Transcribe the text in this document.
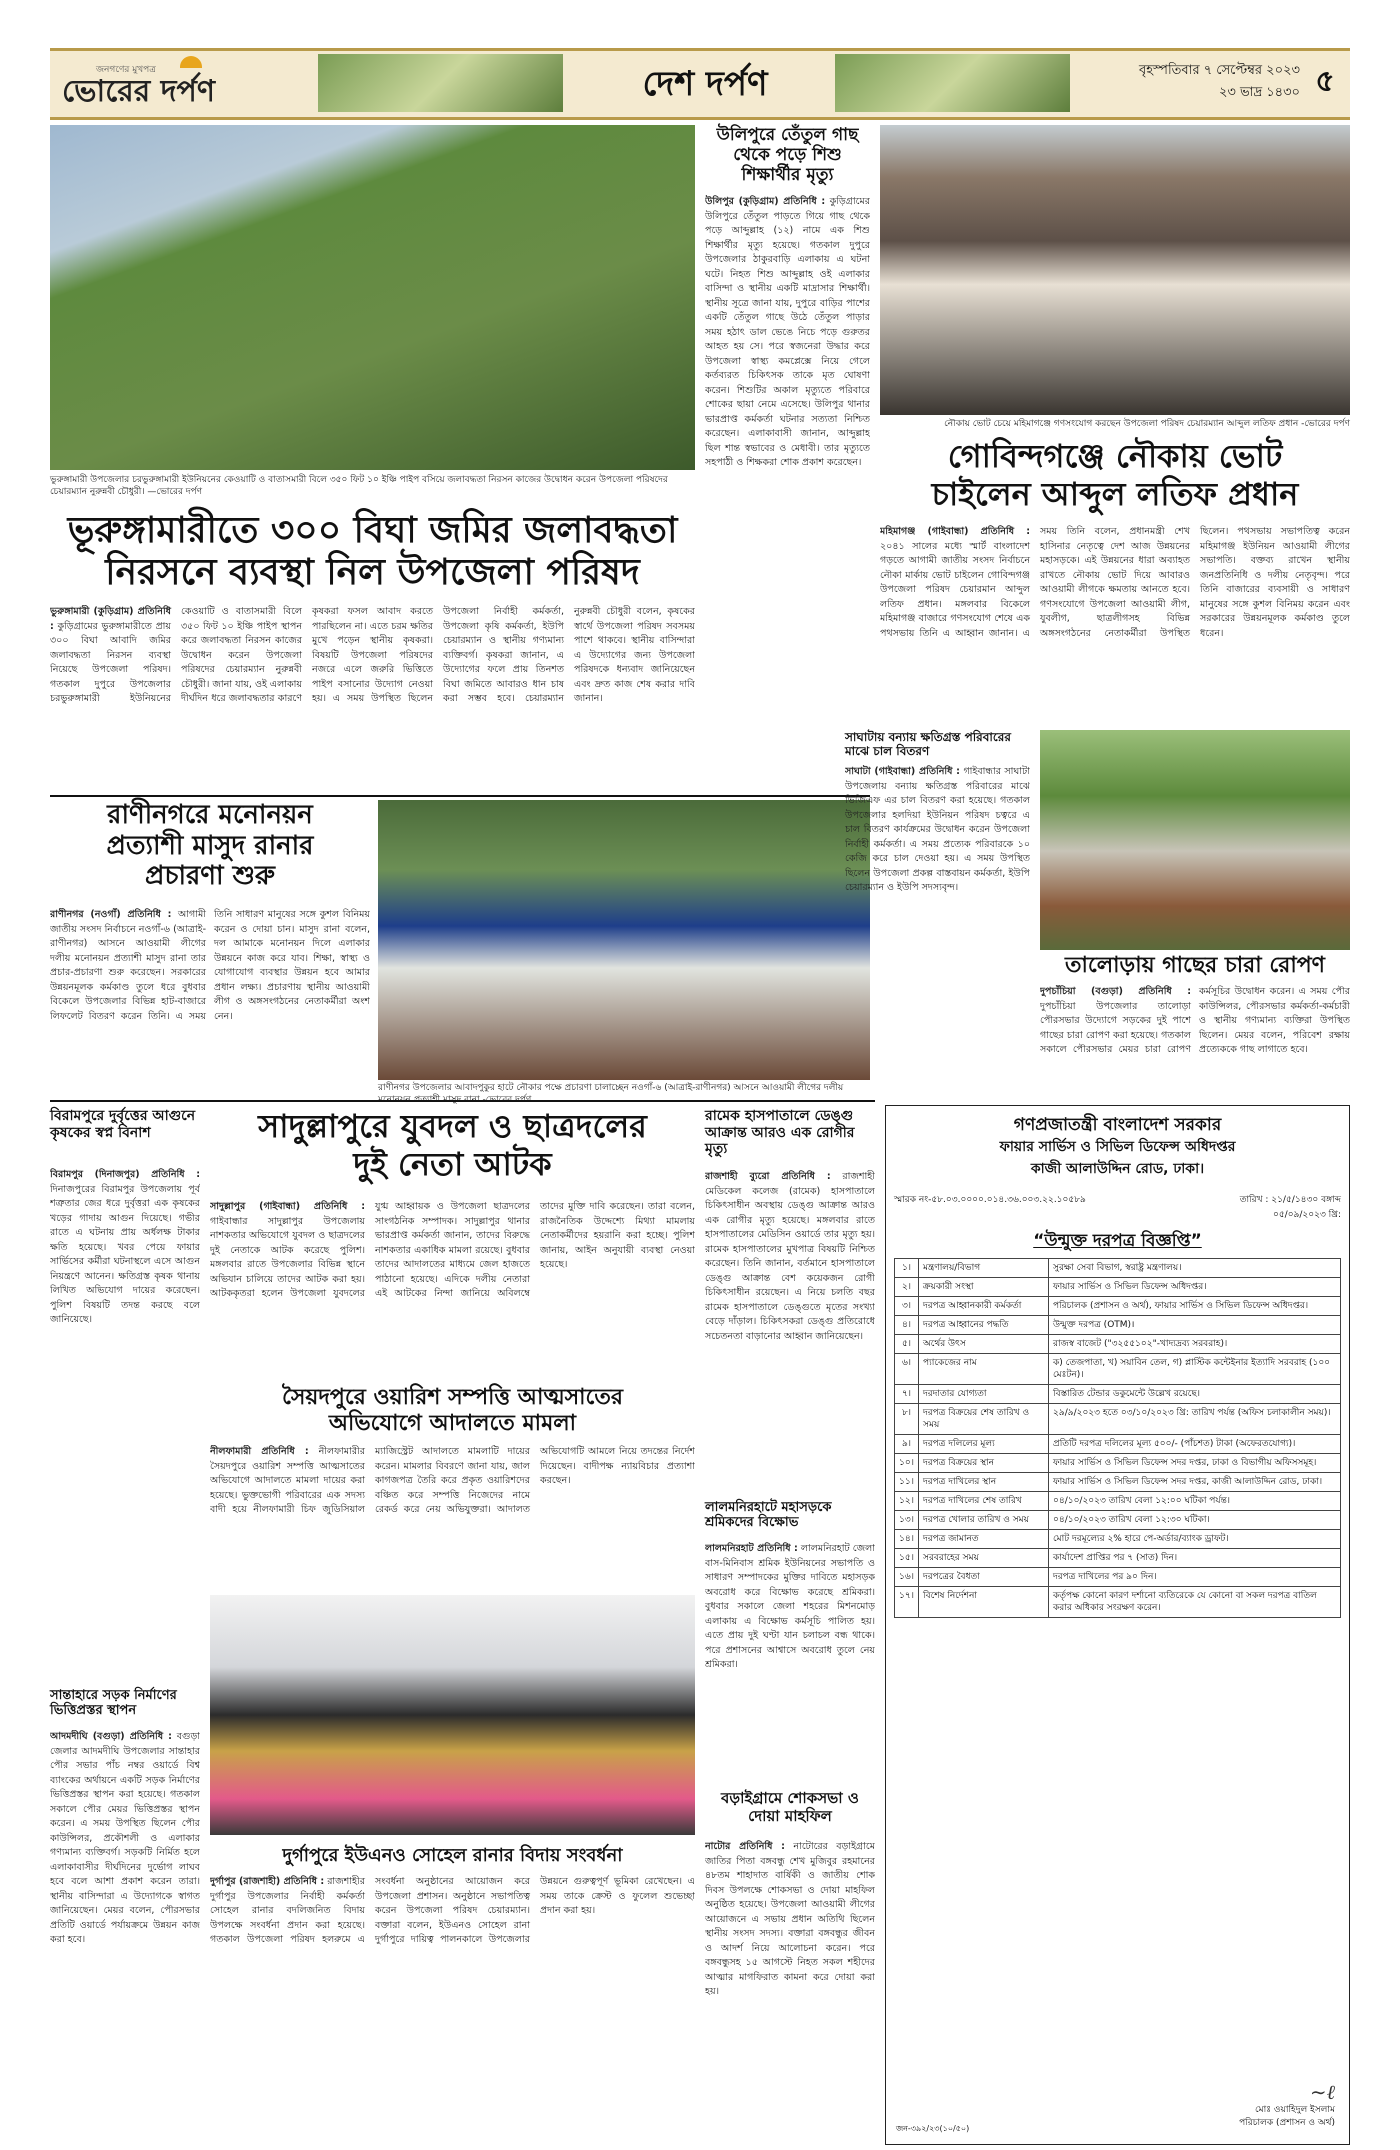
জনগণের মুখপত্র
ভোরের দর্পণ	দেশ দর্পণ	বৃহস্পতিবার ৭ সেপ্টেম্বর ২০২৩
২৩ ভাদ্র ১৪৩০ ৫
ভুরুঙ্গামারী উপজেলার চরভুরুঙ্গামারী ইউনিয়নের কেওয়াটি ও বাতাসমারী বিলে ৩৫০ ফিট ১০ ইঞ্চি পাইপ বসিয়ে জলাবদ্ধতা নিরসন কাজের উদ্বোধন করেন উপজেলা পরিষদের চেয়ারম্যান নুরুন্নবী চৌধুরী। —ভোরের দর্পণ
ভূরুঙ্গামারীতে ৩০০ বিঘা জমির জলাবদ্ধতা
নিরসনে ব্যবস্থা নিল উপজেলা পরিষদ
ভুরুঙ্গামারী (কুড়িগ্রাম) প্রতিনিধি : কুড়িগ্রামের ভুরুঙ্গামারীতে প্রায় ৩০০ বিঘা আবাদি জমির জলাবদ্ধতা নিরসন ব্যবস্থা নিয়েছে উপজেলা পরিষদ। গতকাল দুপুরে উপজেলার চরভুরুঙ্গামারী ইউনিয়নের কেওয়াটি ও বাতাসমারী বিলে ৩৫০ ফিট ১০ ইঞ্চি পাইপ স্থাপন করে জলাবদ্ধতা নিরসন কাজের উদ্বোধন করেন উপজেলা পরিষদের চেয়ারম্যান নুরুন্নবী চৌধুরী। জানা যায়, ওই এলাকায় দীর্ঘদিন ধরে জলাবদ্ধতার কারণে কৃষকরা ফসল আবাদ করতে পারছিলেন না। এতে চরম ক্ষতির মুখে পড়েন স্থানীয় কৃষকরা। বিষয়টি উপজেলা পরিষদের নজরে এলে জরুরি ভিত্তিতে পাইপ বসানোর উদ্যোগ নেওয়া হয়। এ সময় উপস্থিত ছিলেন উপজেলা নির্বাহী কর্মকর্তা, উপজেলা কৃষি কর্মকর্তা, ইউপি চেয়ারম্যান ও স্থানীয় গণ্যমান্য ব্যক্তিবর্গ। কৃষকরা জানান, এ উদ্যোগের ফলে প্রায় তিনশত বিঘা জমিতে আবারও ধান চাষ করা সম্ভব হবে। চেয়ারম্যান নুরুন্নবী চৌধুরী বলেন, কৃষকের স্বার্থে উপজেলা পরিষদ সবসময় পাশে থাকবে। স্থানীয় বাসিন্দারা এ উদ্যোগের জন্য উপজেলা পরিষদকে ধন্যবাদ জানিয়েছেন এবং দ্রুত কাজ শেষ করার দাবি জানান।
উলিপুরে তেঁতুল গাছ থেকে পড়ে শিশু শিক্ষার্থীর মৃত্যু
উলিপুর (কুড়িগ্রাম) প্রতিনিধি : কুড়িগ্রামের উলিপুরে তেঁতুল পাড়তে গিয়ে গাছ থেকে পড়ে আব্দুল্লাহ (১২) নামে এক শিশু শিক্ষার্থীর মৃত্যু হয়েছে। গতকাল দুপুরে উপজেলার ঠাকুরবাড়ি এলাকায় এ ঘটনা ঘটে। নিহত শিশু আব্দুল্লাহ ওই এলাকার বাসিন্দা ও স্থানীয় একটি মাদ্রাসার শিক্ষার্থী। স্থানীয় সূত্রে জানা যায়, দুপুরে বাড়ির পাশের একটি তেঁতুল গাছে উঠে তেঁতুল পাড়ার সময় হঠাৎ ডাল ভেঙে নিচে পড়ে গুরুতর আহত হয় সে। পরে স্বজনেরা উদ্ধার করে উপজেলা স্বাস্থ্য কমপ্লেক্সে নিয়ে গেলে কর্তব্যরত চিকিৎসক তাকে মৃত ঘোষণা করেন। শিশুটির অকাল মৃত্যুতে পরিবারে শোকের ছায়া নেমে এসেছে। উলিপুর থানার ভারপ্রাপ্ত কর্মকর্তা ঘটনার সত্যতা নিশ্চিত করেছেন। এলাকাবাসী জানান, আব্দুল্লাহ ছিল শান্ত স্বভাবের ও মেধাবী। তার মৃত্যুতে সহপাঠী ও শিক্ষকরা শোক প্রকাশ করেছেন।
নৌকায় ভোট চেয়ে মহিমাগঞ্জে গণসংযোগ করছেন উপজেলা পরিষদ চেয়ারম্যান আব্দুল লতিফ প্রধান -ভোরের দর্পণ
গোবিন্দগঞ্জে নৌকায় ভোট
চাইলেন আব্দুল লতিফ প্রধান
মহিমাগঞ্জ (গাইবান্ধা) প্রতিনিধি : ২০৪১ সালের মধ্যে স্মার্ট বাংলাদেশ গড়তে আগামী জাতীয় সংসদ নির্বাচনে নৌকা মার্কায় ভোট চাইলেন গোবিন্দগঞ্জ উপজেলা পরিষদ চেয়ারমান আব্দুল লতিফ প্রধান। মঙ্গলবার বিকেলে মহিমাগঞ্জ বাজারে গণসংযোগ শেষে এক পথসভায় তিনি এ আহ্বান জানান। এ সময় তিনি বলেন, প্রধানমন্ত্রী শেখ হাসিনার নেতৃত্বে দেশ আজ উন্নয়নের মহাসড়কে। এই উন্নয়নের ধারা অব্যাহত রাখতে নৌকায় ভোট দিয়ে আবারও আওয়ামী লীগকে ক্ষমতায় আনতে হবে। গণসংযোগে উপজেলা আওয়ামী লীগ, যুবলীগ, ছাত্রলীগসহ বিভিন্ন অঙ্গসংগঠনের নেতাকর্মীরা উপস্থিত ছিলেন। পথসভায় সভাপতিত্ব করেন মহিমাগঞ্জ ইউনিয়ন আওয়ামী লীগের সভাপতি। বক্তব্য রাখেন স্থানীয় জনপ্রতিনিধি ও দলীয় নেতৃবৃন্দ। পরে তিনি বাজারের ব্যবসায়ী ও সাধারণ মানুষের সঙ্গে কুশল বিনিময় করেন এবং সরকারের উন্নয়নমূলক কর্মকাণ্ড তুলে ধরেন।
রাণীনগরে মনোনয়ন
প্রত্যাশী মাসুদ রানার
প্রচারণা শুরু
রাণীনগর (নওগাঁ) প্রতিনিধি : আগামী জাতীয় সংসদ নির্বাচনে নওগাঁ-৬ (আত্রাই-রাণীনগর) আসনে আওয়ামী লীগের দলীয় মনোনয়ন প্রত্যাশী মাসুদ রানা তার প্রচার-প্রচারণা শুরু করেছেন। সরকারের উন্নয়নমূলক কর্মকাণ্ড তুলে ধরে বুধবার বিকেলে উপজেলার বিভিন্ন হাট-বাজারে লিফলেট বিতরণ করেন তিনি। এ সময় তিনি সাধারণ মানুষের সঙ্গে কুশল বিনিময় করেন ও দোয়া চান। মাসুদ রানা বলেন, দল আমাকে মনোনয়ন দিলে এলাকার উন্নয়নে কাজ করে যাব। শিক্ষা, স্বাস্থ্য ও যোগাযোগ ব্যবস্থার উন্নয়ন হবে আমার প্রধান লক্ষ্য। প্রচারণায় স্থানীয় আওয়ামী লীগ ও অঙ্গসংগঠনের নেতাকর্মীরা অংশ নেন।
রাণীনগর উপজেলার আবাদপুকুর হাটে নৌকার পক্ষে প্রচারণা চালাচ্ছেন নওগাঁ-৬ (আত্রাই-রাণীনগর) আসনে আওয়ামী লীগের দলীয়
সাঘাটায় বন্যায় ক্ষতিগ্রস্ত পরিবারের মাঝে চাল বিতরণ
সাঘাটা (গাইবান্ধা) প্রতিনিধি : গাইবান্ধার সাঘাটা উপজেলায় বন্যায় ক্ষতিগ্রস্ত পরিবারের মাঝে ভিজিএফ এর চাল বিতরণ করা হয়েছে। গতকাল উপজেলার হলদিয়া ইউনিয়ন পরিষদ চত্বরে এ চাল বিতরণ কার্যক্রমের উদ্বোধন করেন উপজেলা নির্বাহী কর্মকর্তা। এ সময় প্রত্যেক পরিবারকে ১০ কেজি করে চাল দেওয়া হয়। এ সময় উপস্থিত ছিলেন উপজেলা প্রকল্প বাস্তবায়ন কর্মকর্তা, ইউপি চেয়ারম্যান ও ইউপি সদস্যবৃন্দ।
তালোড়ায় গাছের চারা রোপণ
দুপচাঁচিয়া (বগুড়া) প্রতিনিধি : দুপচাঁচিয়া উপজেলার তালোড়া পৌরসভার উদ্যোগে সড়কের দুই পাশে গাছের চারা রোপণ করা হয়েছে। গতকাল সকালে পৌরসভার মেয়র চারা রোপণ কর্মসূচির উদ্বোধন করেন। এ সময় পৌর কাউন্সিলর, পৌরসভার কর্মকর্তা-কর্মচারী ও স্থানীয় গণ্যমান্য ব্যক্তিরা উপস্থিত ছিলেন। মেয়র বলেন, পরিবেশ রক্ষায় প্রত্যেককে গাছ লাগাতে হবে।
বিরামপুরে দুর্বৃত্তের আগুনে কৃষকের স্বপ্ন বিনাশ
বিরামপুর (দিনাজপুর) প্রতিনিধি : দিনাজপুরের বিরামপুর উপজেলায় পূর্ব শত্রুতার জের ধরে দুর্বৃত্তরা এক কৃষকের খড়ের গাদায় আগুন দিয়েছে। গভীর রাতে এ ঘটনায় প্রায় অর্ধলক্ষ টাকার ক্ষতি হয়েছে। খবর পেয়ে ফায়ার সার্ভিসের কর্মীরা ঘটনাস্থলে এসে আগুন নিয়ন্ত্রণে আনেন। ক্ষতিগ্রস্ত কৃষক থানায় লিখিত অভিযোগ দায়ের করেছেন। পুলিশ বিষয়টি তদন্ত করছে বলে জানিয়েছে।
সান্তাহারে সড়ক নির্মাণের ভিত্তিপ্রস্তর স্থাপন
আদমদীঘি (বগুড়া) প্রতিনিধি : বগুড়া জেলার আদমদীঘি উপজেলার সান্তাহার পৌর সভার পাঁচ নম্বর ওয়ার্ডে বিশ্ব ব্যাংকের অর্থায়নে একটি সড়ক নির্মাণের ভিত্তিপ্রস্তর স্থাপন করা হয়েছে। গতকাল সকালে পৌর মেয়র ভিত্তিপ্রস্তর স্থাপন করেন। এ সময় উপস্থিত ছিলেন পৌর কাউন্সিলর, প্রকৌশলী ও এলাকার গণ্যমান্য ব্যক্তিবর্গ। সড়কটি নির্মিত হলে এলাকাবাসীর দীর্ঘদিনের দুর্ভোগ লাঘব হবে বলে আশা প্রকাশ করেন তারা। স্থানীয় বাসিন্দারা এ উদ্যোগকে স্বাগত জানিয়েছেন। মেয়র বলেন, পৌরসভার প্রতিটি ওয়ার্ডে পর্যায়ক্রমে উন্নয়ন কাজ করা হবে।
সাদুল্লাপুরে যুবদল ও ছাত্রদলের
দুই নেতা আটক
সাদুল্লাপুর (গাইবান্ধা) প্রতিনিধি : গাইবান্ধার সাদুল্লাপুর উপজেলায় নাশকতার অভিযোগে যুবদল ও ছাত্রদলের দুই নেতাকে আটক করেছে পুলিশ। মঙ্গলবার রাতে উপজেলার বিভিন্ন স্থানে অভিযান চালিয়ে তাদের আটক করা হয়। আটককৃতরা হলেন উপজেলা যুবদলের যুগ্ম আহ্বায়ক ও উপজেলা ছাত্রদলের সাংগঠনিক সম্পাদক। সাদুল্লাপুর থানার ভারপ্রাপ্ত কর্মকর্তা জানান, তাদের বিরুদ্ধে নাশকতার একাধিক মামলা রয়েছে। বুধবার তাদের আদালতের মাধ্যমে জেল হাজতে পাঠানো হয়েছে। এদিকে দলীয় নেতারা এই আটকের নিন্দা জানিয়ে অবিলম্বে তাদের মুক্তি দাবি করেছেন। তারা বলেন, রাজনৈতিক উদ্দেশ্যে মিথ্যা মামলায় নেতাকর্মীদের হয়রানি করা হচ্ছে। পুলিশ জানায়, আইন অনুযায়ী ব্যবস্থা নেওয়া হয়েছে।
সৈয়দপুরে ওয়ারিশ সম্পত্তি আত্মসাতের
অভিযোগে আদালতে মামলা
নীলফামারী প্রতিনিধি : নীলফামারীর সৈয়দপুরে ওয়ারিশ সম্পত্তি আত্মসাতের অভিযোগে আদালতে মামলা দায়ের করা হয়েছে। ভুক্তভোগী পরিবারের এক সদস্য বাদী হয়ে নীলফামারী চিফ জুডিসিয়াল ম্যাজিস্ট্রেট আদালতে মামলাটি দায়ের করেন। মামলার বিবরণে জানা যায়, জাল কাগজপত্র তৈরি করে প্রকৃত ওয়ারিশদের বঞ্চিত করে সম্পত্তি নিজেদের নামে রেকর্ড করে নেয় অভিযুক্তরা। আদালত অভিযোগটি আমলে নিয়ে তদন্তের নির্দেশ দিয়েছেন। বাদীপক্ষ ন্যায়বিচার প্রত্যাশা করছেন।
দুর্গাপুরে ইউএনও সোহেল রানার বিদায় সংবর্ধনা
দুর্গাপুর (রাজশাহী) প্রতিনিধি : রাজশাহীর দুর্গাপুর উপজেলার নির্বাহী কর্মকর্তা সোহেল রানার বদলিজনিত বিদায় উপলক্ষে সংবর্ধনা প্রদান করা হয়েছে। গতকাল উপজেলা পরিষদ হলরুমে এ সংবর্ধনা অনুষ্ঠানের আয়োজন করে উপজেলা প্রশাসন। অনুষ্ঠানে সভাপতিত্ব করেন উপজেলা পরিষদ চেয়ারম্যান। বক্তারা বলেন, ইউএনও সোহেল রানা দুর্গাপুরে দায়িত্ব পালনকালে উপজেলার উন্নয়নে গুরুত্বপূর্ণ ভূমিকা রেখেছেন। এ সময় তাকে ক্রেস্ট ও ফুলেল শুভেচ্ছা প্রদান করা হয়।
রামেক হাসপাতালে ডেঙ্গু আক্রান্ত আরও এক রোগীর মৃত্যু
রাজশাহী ব্যুরো প্রতিনিধি : রাজশাহী মেডিকেল কলেজ (রামেক) হাসপাতালে চিকিৎসাধীন অবস্থায় ডেঙ্গু আক্রান্ত আরও এক রোগীর মৃত্যু হয়েছে। মঙ্গলবার রাতে হাসপাতালের মেডিসিন ওয়ার্ডে তার মৃত্যু হয়। রামেক হাসপাতালের মুখপাত্র বিষয়টি নিশ্চিত করেছেন। তিনি জানান, বর্তমানে হাসপাতালে ডেঙ্গু আক্রান্ত বেশ কয়েকজন রোগী চিকিৎসাধীন রয়েছেন। এ নিয়ে চলতি বছর রামেক হাসপাতালে ডেঙ্গুতে মৃতের সংখ্যা বেড়ে দাঁড়াল। চিকিৎসকরা ডেঙ্গু প্রতিরোধে সচেতনতা বাড়ানোর আহ্বান জানিয়েছেন।
লালমনিরহাটে মহাসড়কে শ্রমিকদের বিক্ষোভ
লালমনিরহাট প্রতিনিধি : লালমনিরহাট জেলা বাস-মিনিবাস শ্রমিক ইউনিয়নের সভাপতি ও সাধারণ সম্পাদকের মুক্তির দাবিতে মহাসড়ক অবরোধ করে বিক্ষোভ করেছে শ্রমিকরা। বুধবার সকালে জেলা শহরের মিশনমোড় এলাকায় এ বিক্ষোভ কর্মসূচি পালিত হয়। এতে প্রায় দুই ঘণ্টা যান চলাচল বন্ধ থাকে। পরে প্রশাসনের আশ্বাসে অবরোধ তুলে নেয় শ্রমিকরা।
বড়াইগ্রামে শোকসভা ও দোয়া মাহফিল
নাটোর প্রতিনিধি : নাটোরের বড়াইগ্রামে জাতির পিতা বঙ্গবন্ধু শেখ মুজিবুর রহমানের ৪৮তম শাহাদাত বার্ষিকী ও জাতীয় শোক দিবস উপলক্ষে শোকসভা ও দোয়া মাহফিল অনুষ্ঠিত হয়েছে। উপজেলা আওয়ামী লীগের আয়োজনে এ সভায় প্রধান অতিথি ছিলেন স্থানীয় সংসদ সদস্য। বক্তারা বঙ্গবন্ধুর জীবন ও আদর্শ নিয়ে আলোচনা করেন। পরে বঙ্গবন্ধুসহ ১৫ আগস্টে নিহত সকল শহীদের আত্মার মাগফিরাত কামনা করে দোয়া করা হয়।
গণপ্রজাতন্ত্রী বাংলাদেশ সরকার
ফায়ার সার্ভিস ও সিভিল ডিফেন্স অধিদপ্তর
কাজী আলাউদ্দিন রোড, ঢাকা।
স্মারক নং-৫৮.০৩.০০০০.০১৪.৩৬.০০৩.২২.১০৫৮৯	তারিখ : ২১/৫/১৪৩০ বঙ্গাব্দ
০৫/০৯/২০২৩ খ্রি:
“উন্মুক্ত দরপত্র বিজ্ঞপ্তি”
১।	মন্ত্রণালয়/বিভাগ	সুরক্ষা সেবা বিভাগ, স্বরাষ্ট্র মন্ত্রণালয়।
২।	ক্রয়কারী সংস্থা	ফায়ার সার্ভিস ও সিভিল ডিফেন্স অধিদপ্তর।
৩।	দরপত্র আহ্বানকারী কর্মকর্তা	পরিচালক (প্রশাসন ও অর্থ), ফায়ার সার্ভিস ও সিভিল ডিফেন্স অধিদপ্তর।
৪।	দরপত্র আহ্বানের পদ্ধতি	উন্মুক্ত দরপত্র (OTM)।
৫।	অর্থের উৎস	রাজস্ব বাজেট ("৩২৫৫১০২"-খাদ্যদ্রব্য সরবরাহ)।
৬।	প্যাকেজের নাম	ক) তেজপাতা, খ) সয়াবিন তেল, গ) প্লাস্টিক কন্টেইনার ইত্যাদি সরবরাহ (১০০ মেঃটন)।
৭।	দরদাতার যোগ্যতা	বিস্তারিত টেন্ডার ডকুমেন্টে উল্লেখ রয়েছে।
৮।	দরপত্র বিক্রয়ের শেষ তারিখ ও সময়	২৯/৯/২০২৩ হতে ০৩/১০/২০২৩ খ্রি: তারিখ পর্যন্ত (অফিস চলাকালীন সময়)।
৯।	দরপত্র দলিলের মূল্য	প্রতিটি দরপত্র দলিলের মূল্য ৫০০/- (পাঁচশত) টাকা (অফেরতযোগ্য)।
১০।	দরপত্র বিক্রয়ের স্থান	ফায়ার সার্ভিস ও সিভিল ডিফেন্স সদর দপ্তর, ঢাকা ও বিভাগীয় অফিসসমূহ।
১১।	দরপত্র দাখিলের স্থান	ফায়ার সার্ভিস ও সিভিল ডিফেন্স সদর দপ্তর, কাজী আলাউদ্দিন রোড, ঢাকা।
১২।	দরপত্র দাখিলের শেষ তারিখ	০৪/১০/২০২৩ তারিখ বেলা ১২:০০ ঘটিকা পর্যন্ত।
১৩।	দরপত্র খোলার তারিখ ও সময়	০৪/১০/২০২৩ তারিখ বেলা ১২:৩০ ঘটিকা।
১৪।	দরপত্র জামানত	মোট দরমূল্যের ২% হারে পে-অর্ডার/ব্যাংক ড্রাফট।
১৫।	সরবরাহের সময়	কার্যাদেশ প্রাপ্তির পর ৭ (সাত) দিন।
১৬।	দরপত্রের বৈধতা	দরপত্র দাখিলের পর ৯০ দিন।
১৭।	বিশেষ নির্দেশনা	কর্তৃপক্ষ কোনো কারণ দর্শানো ব্যতিরেকে যে কোনো বা সকল দরপত্র বাতিল করার অধিকার সংরক্ষণ করেন।
∼ℓ
মোঃ ওয়াহিদুল ইসলাম
পরিচালক (প্রশাসন ও অর্থ)
জন-৩৯২/২৩(১০/৫০)
